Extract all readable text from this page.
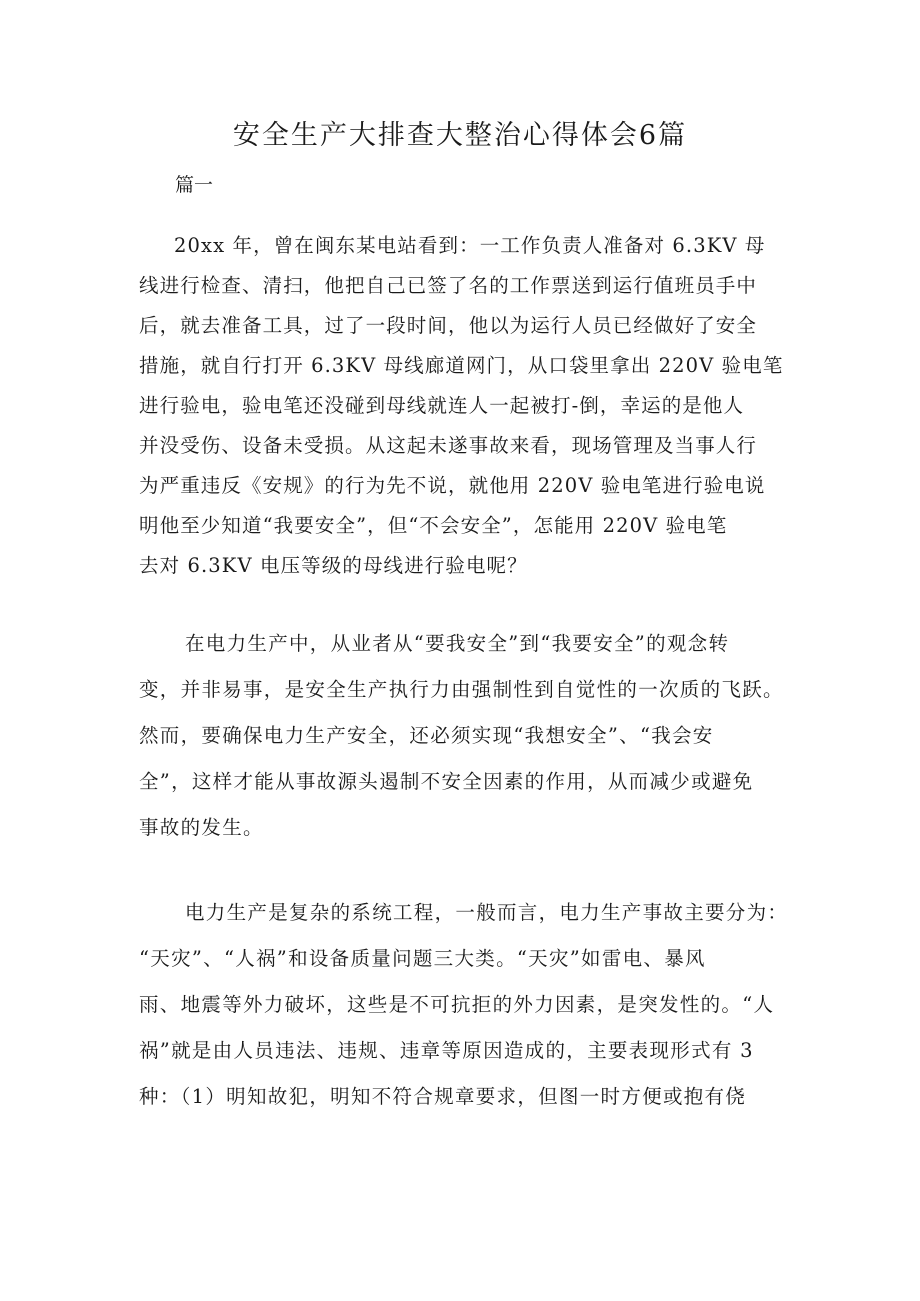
安全生产大排查大整治心得体会6篇
篇一
20xx 年，曾在闽东某电站看到：一工作负责人准备对 6.3KV 母
线进行检查、清扫，他把自己已签了名的工作票送到运行值班员手中
后，就去准备工具，过了一段时间，他以为运行人员已经做好了安全
措施，就自行打开 6.3KV 母线廊道网门，从口袋里拿出 220V 验电笔
进行验电，验电笔还没碰到母线就连人一起被打-倒，幸运的是他人
并没受伤、设备未受损。从这起未遂事故来看，现场管理及当事人行
为严重违反《安规》的行为先不说，就他用 220V 验电笔进行验电说
明他至少知道“我要安全”，但“不会安全”，怎能用 220V 验电笔
去对 6.3KV 电压等级的母线进行验电呢？
在电力生产中，从业者从“要我安全”到“我要安全”的观念转
变，并非易事，是安全生产执行力由强制性到自觉性的一次质的飞跃。
然而，要确保电力生产安全，还必须实现“我想安全”、“我会安
全”，这样才能从事故源头遏制不安全因素的作用，从而减少或避免
事故的发生。
电力生产是复杂的系统工程，一般而言，电力生产事故主要分为：
“天灾”、“人祸”和设备质量问题三大类。“天灾”如雷电、暴风
雨、地震等外力破坏，这些是不可抗拒的外力因素，是突发性的。“人
祸”就是由人员违法、违规、违章等原因造成的，主要表现形式有 3
种：（1）明知故犯，明知不符合规章要求，但图一时方便或抱有侥
